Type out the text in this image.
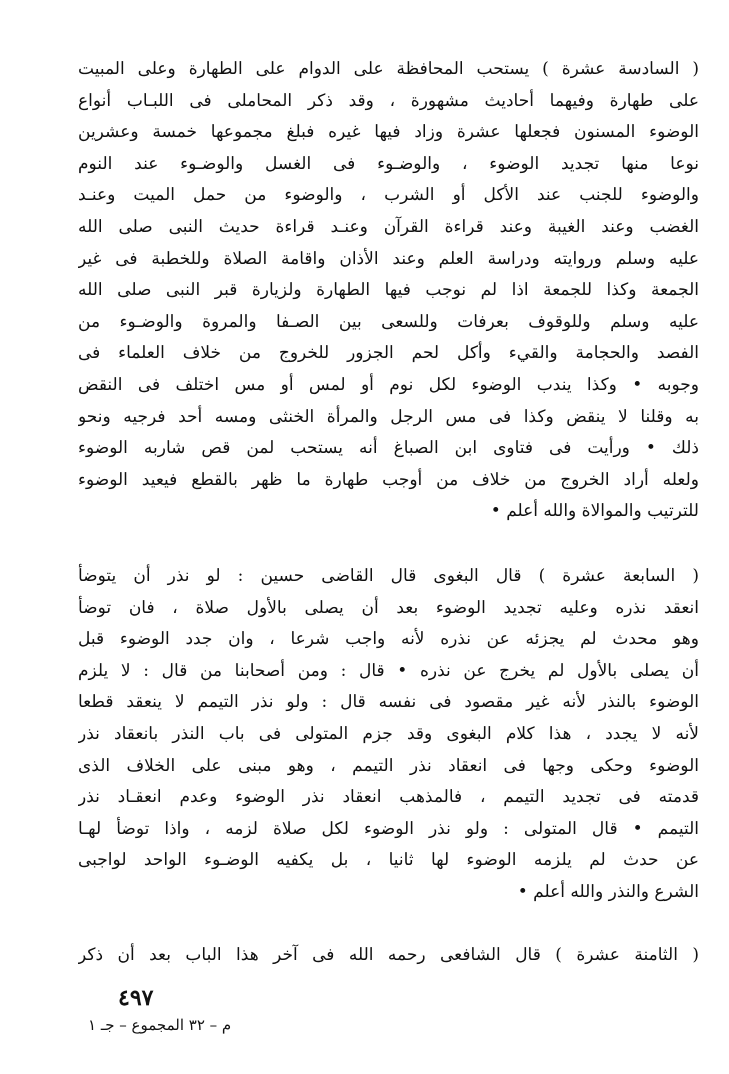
( السادسة عشرة ) يستحب المحافظة على الدوام على الطهارة وعلى المبيت
على طهارة وفيهما أحاديث مشهورة ، وقد ذكر المحاملى فى اللبـاب أنواع
الوضوء المسنون فجعلها عشرة وزاد فيها غيره فبلغ مجموعها خمسة وعشرين
نوعا منها تجديد الوضوء ، والوضـوء فى الغسل والوضـوء عند النوم
والوضوء للجنب عند الأكل أو الشرب ، والوضوء من حمل الميت وعنـد
الغضب وعند الغيبة وعند قراءة القرآن وعنـد قراءة حديث النبى صلى الله
عليه وسلم وروايته ودراسة العلم وعند الأذان واقامة الصلاة وللخطبة فى غير
الجمعة وكذا للجمعة اذا لم نوجب فيها الطهارة ولزيارة قبر النبى صلى الله
عليه وسلم وللوقوف بعرفات وللسعى بين الصـفا والمروة والوضـوء من
الفصد والحجامة والقيء وأكل لحم الجزور للخروج من خلاف العلماء فى
وجوبه • وكذا يندب الوضوء لكل نوم أو لمس أو مس اختلف فى النقض
به وقلنا لا ينقض وكذا فى مس الرجل والمرأة الخنثى ومسه أحد فرجيه ونحو
ذلك • ورأيت فى فتاوى ابن الصباغ أنه يستحب لمن قص شاربه الوضوء
ولعله أراد الخروج من خلاف من أوجب طهارة ما ظهر بالقطع فيعيد الوضوء
للترتيب والموالاة والله أعلم •
( السابعة عشرة ) قال البغوى قال القاضى حسين : لو نذر أن يتوضأ
انعقد نذره وعليه تجديد الوضوء بعد أن يصلى بالأول صلاة ، فان توضأ
وهو محدث لم يجزئه عن نذره لأنه واجب شرعا ، وان جدد الوضوء قبل
أن يصلى بالأول لم يخرج عن نذره • قال : ومن أصحابنا من قال : لا يلزم
الوضوء بالنذر لأنه غير مقصود فى نفسه قال : ولو نذر التيمم لا ينعقد قطعا
لأنه لا يجدد ، هذا كلام البغوى وقد جزم المتولى فى باب النذر بانعقاد نذر
الوضوء وحكى وجها فى انعقاد نذر التيمم ، وهو مبنى على الخلاف الذى
قدمته فى تجديد التيمم ، فالمذهب انعقاد نذر الوضوء وعدم انعقـاد نذر
التيمم • قال المتولى : ولو نذر الوضوء لكل صلاة لزمه ، واذا توضأ لهـا
عن حدث لم يلزمه الوضوء لها ثانيا ، بل يكفيه الوضـوء الواحد لواجبى
الشرع والنذر والله أعلم •
( الثامنة عشرة ) قال الشافعى رحمه الله فى آخر هذا الباب بعد أن ذكر
٤٩٧
م – ٣٢ المجموع – جـ ١
